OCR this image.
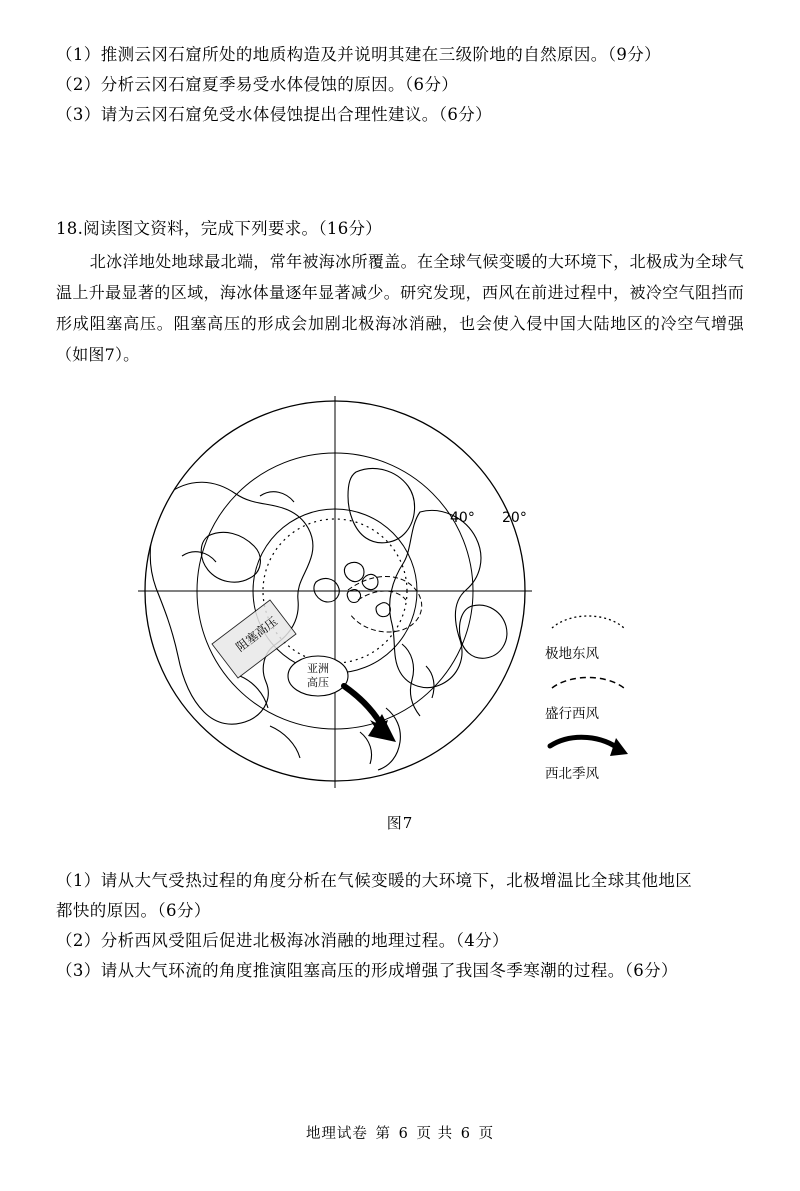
（1）推测云冈石窟所处的地质构造及并说明其建在三级阶地的自然原因。（9分）
（2）分析云冈石窟夏季易受水体侵蚀的原因。（6分）
（3）请为云冈石窟免受水体侵蚀提出合理性建议。（6分）
18.阅读图文资料，完成下列要求。（16分）
北冰洋地处地球最北端，常年被海冰所覆盖。在全球气候变暖的大环境下，北极成为全球气温上升最显著的区域，海冰体量逐年显著减少。研究发现，西风在前进过程中，被冷空气阻挡而形成阻塞高压。阻塞高压的形成会加剧北极海冰消融，也会使入侵中国大陆地区的冷空气增强（如图7）。
阻塞高压
亚洲
高压
40° 20°
极地东风
盛行西风
西北季风
图7
（1）请从大气受热过程的角度分析在气候变暖的大环境下，北极增温比全球其他地区
都快的原因。（6分）
（2）分析西风受阻后促进北极海冰消融的地理过程。（4分）
（3）请从大气环流的角度推演阻塞高压的形成增强了我国冬季寒潮的过程。（6分）
地理试卷 第 6 页 共 6 页
